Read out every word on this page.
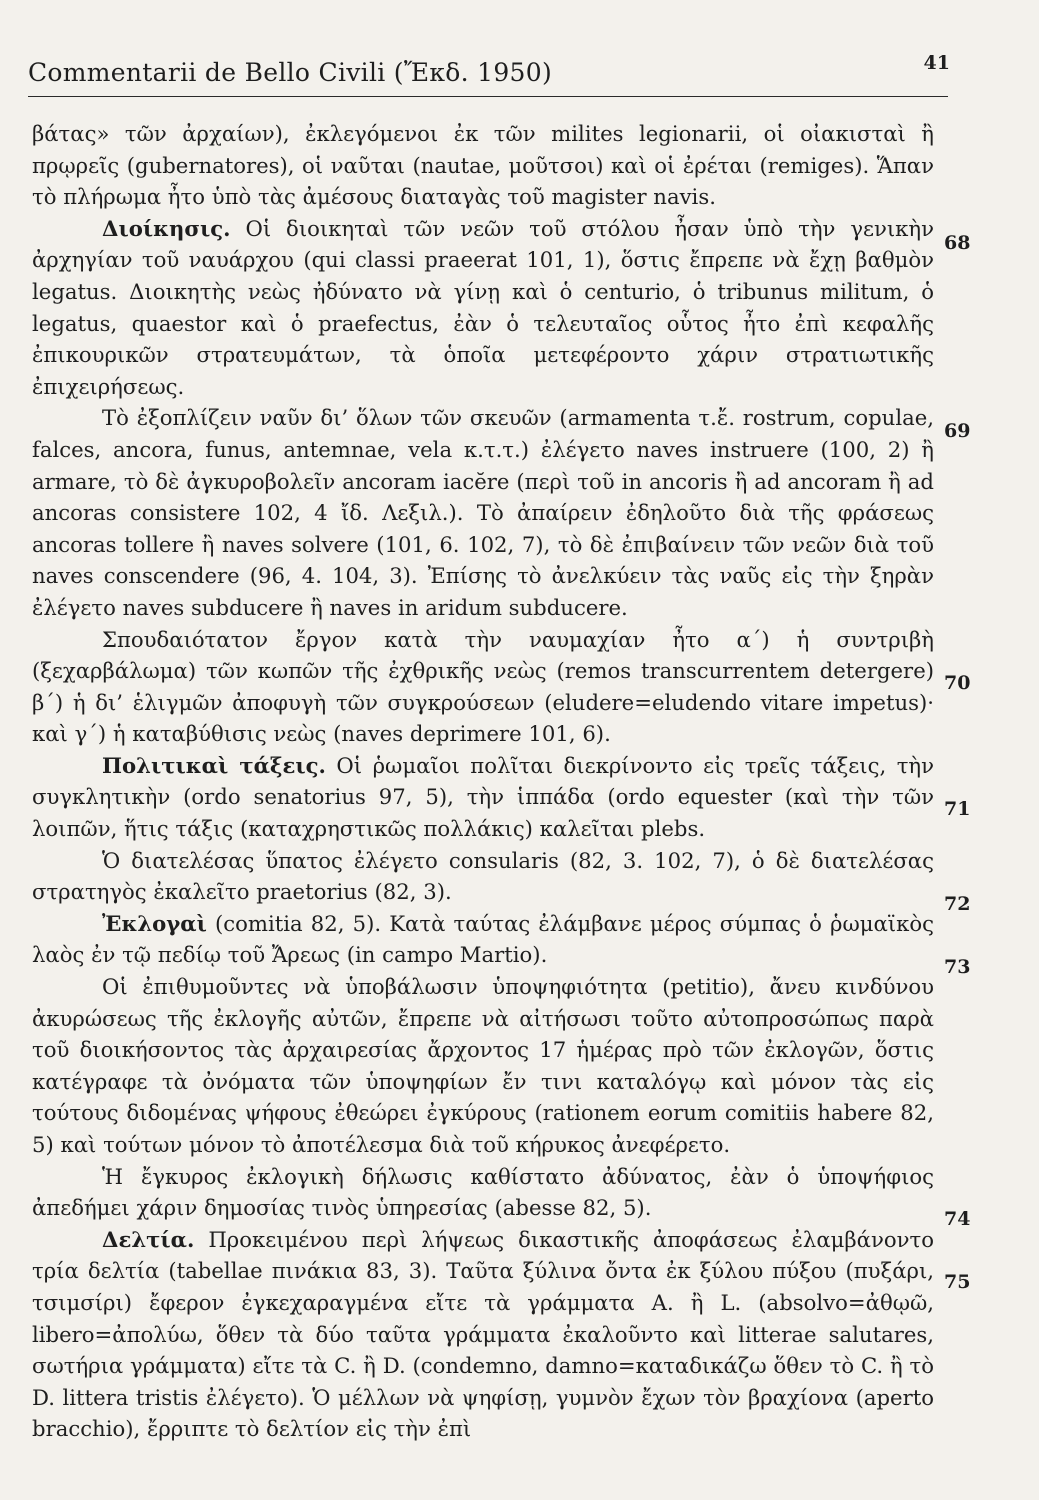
Commentarii de Bello Civili (Ἔκδ. 1950)	41

βάτας» τῶν ἀρχαίων), ἐκλεγόμενοι ἐκ τῶν milites legionarii, οἱ οἰακισταὶ ἢ πρῳρεῖς (gubernatores), οἱ ναῦται (nautae, μοῦτσοι) καὶ οἱ ἐρέται (remiges). Ἅπαν τὸ πλήρωμα ἦτο ὑπὸ τὰς ἀμέσους διαταγὰς τοῦ magister navis.

Διοίκησις. Οἱ διοικηταὶ τῶν νεῶν τοῦ στόλου ἦσαν ὑπὸ τὴν γενικὴν ἀρχηγίαν τοῦ ναυάρχου (qui classi praeerat 101, 1), ὅστις ἔπρεπε νὰ ἔχῃ βαθμὸν legatus. Διοικητὴς νεὼς ἠδύνατο νὰ γίνῃ καὶ ὁ centurio, ὁ tribunus militum, ὁ legatus, quaestor καὶ ὁ praefectus, ἐὰν ὁ τελευταῖος οὗτος ἦτο ἐπὶ κεφαλῆς ἐπικουρικῶν στρατευμάτων, τὰ ὁποῖα μετεφέροντο χάριν στρατιωτικῆς ἐπιχειρήσεως.

Τὸ ἐξοπλίζειν ναῦν δι’ ὅλων τῶν σκευῶν (armamenta τ.ἔ. rostrum, copulae, falces, ancora, funus, antemnae, vela κ.τ.τ.) ἐλέγετο naves instruere (100, 2) ἢ armare, τὸ δὲ ἀγκυροβολεῖν ancoram iacĕre (περὶ τοῦ in ancoris ἢ ad ancoram ἢ ad ancoras consistere 102, 4 ἴδ. Λεξιλ.). Τὸ ἀπαίρειν ἐδηλοῦτο διὰ τῆς φράσεως ancoras tollere ἢ naves solvere (101, 6. 102, 7), τὸ δὲ ἐπιβαίνειν τῶν νεῶν διὰ τοῦ naves conscendere (96, 4. 104, 3). Ἐπίσης τὸ ἀνελκύειν τὰς ναῦς εἰς τὴν ξηρὰν ἐλέγετο naves subducere ἢ naves in aridum subducere.

Σπουδαιότατον ἔργον κατὰ τὴν ναυμαχίαν ἦτο α΄) ἡ συντριβὴ (ξεχαρβάλωμα) τῶν κωπῶν τῆς ἐχθρικῆς νεὼς (remos transcurrentem detergere) β΄) ἡ δι’ ἑλιγμῶν ἀποφυγὴ τῶν συγκρούσεων (eludere=eludendo vitare impetus)· καὶ γ΄) ἡ καταβύθισις νεὼς (naves deprimere 101, 6).

Πολιτικαὶ τάξεις. Οἱ ῥωμαῖοι πολῖται διεκρίνοντο εἰς τρεῖς τάξεις, τὴν συγκλητικὴν (ordo senatorius 97, 5), τὴν ἱππάδα (ordo equester (καὶ τὴν τῶν λοιπῶν, ἥτις τάξις (καταχρηστικῶς πολλάκις) καλεῖται plebs.

Ὁ διατελέσας ὕπατος ἐλέγετο consularis (82, 3. 102, 7), ὁ δὲ διατελέσας στρατηγὸς ἐκαλεῖτο praetorius (82, 3).

Ἐκλογαὶ (comitia 82, 5). Κατὰ ταύτας ἐλάμβανε μέρος σύμπας ὁ ῥωμαϊκὸς λαὸς ἐν τῷ πεδίῳ τοῦ Ἄρεως (in campo Martio).

Οἱ ἐπιθυμοῦντες νὰ ὑποβάλωσιν ὑποψηφιότητα (petitio), ἄνευ κινδύνου ἀκυρώσεως τῆς ἐκλογῆς αὐτῶν, ἔπρεπε νὰ αἰτήσωσι τοῦτο αὐτοπροσώπως παρὰ τοῦ διοικήσοντος τὰς ἀρχαιρεσίας ἄρχοντος 17 ἡμέρας πρὸ τῶν ἐκλογῶν, ὅστις κατέγραφε τὰ ὀνόματα τῶν ὑποψηφίων ἔν τινι καταλόγῳ καὶ μόνον τὰς εἰς τούτους διδομένας ψήφους ἐθεώρει ἐγκύρους (rationem eorum comitiis habere 82, 5) καὶ τούτων μόνον τὸ ἀποτέλεσμα διὰ τοῦ κήρυκος ἀνεφέρετο.

Ἡ ἔγκυρος ἐκλογικὴ δήλωσις καθίστατο ἀδύνατος, ἐὰν ὁ ὑποψήφιος ἀπεδήμει χάριν δημοσίας τινὸς ὑπηρεσίας (abesse 82, 5).

Δελτία. Προκειμένου περὶ λήψεως δικαστικῆς ἀποφάσεως ἐλαμβάνοντο τρία δελτία (tabellae πινάκια 83, 3). Ταῦτα ξύλινα ὄντα ἐκ ξύλου πύξου (πυξάρι, τσιμσίρι) ἔφερον ἐγκεχαραγμένα εἴτε τὰ γράμματα A. ἢ L. (absolvo=ἀθῳῶ, libero=ἀπολύω, ὅθεν τὰ δύο ταῦτα γράμματα ἐκαλοῦντο καὶ litterae salutares, σωτήρια γράμματα) εἴτε τὰ C. ἢ D. (condemno, damno=καταδικάζω ὅθεν τὸ C. ἢ τὸ D. littera tristis ἐλέγετο). Ὁ μέλλων νὰ ψηφίσῃ, γυμνὸν ἔχων τὸν βραχίονα (aperto bracchio), ἔρριπτε τὸ δελτίον εἰς τὴν ἐπὶ

68
69
70
71
72
73
74
75
